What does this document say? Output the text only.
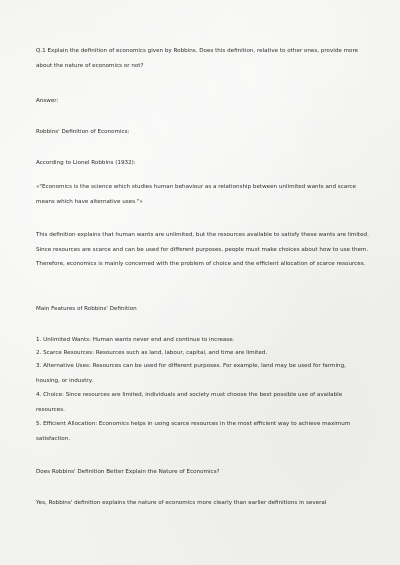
Q.1 Explain the definition of economics given by Robbins. Does this definition, relative to other ones, provide more about the nature of economics or not?

Answer:

Robbins' Definition of Economics:

According to Lionel Robbins (1932):

«"Economics is the science which studies human behaviour as a relationship between unlimited wants and scarce means which have alternative uses."»

This definition explains that human wants are unlimited, but the resources available to satisfy these wants are limited. Since resources are scarce and can be used for different purposes, people must make choices about how to use them. Therefore, economics is mainly concerned with the problem of choice and the efficient allocation of scarce resources.

Main Features of Robbins' Definition

1. Unlimited Wants: Human wants never end and continue to increase.

2. Scarce Resources: Resources such as land, labour, capital, and time are limited.

3. Alternative Uses: Resources can be used for different purposes. For example, land may be used for farming, housing, or industry.

4. Choice: Since resources are limited, individuals and society must choose the best possible use of available resources.

5. Efficient Allocation: Economics helps in using scarce resources in the most efficient way to achieve maximum satisfaction.

Does Robbins' Definition Better Explain the Nature of Economics?

Yes, Robbins' definition explains the nature of economics more clearly than earlier definitions in several
